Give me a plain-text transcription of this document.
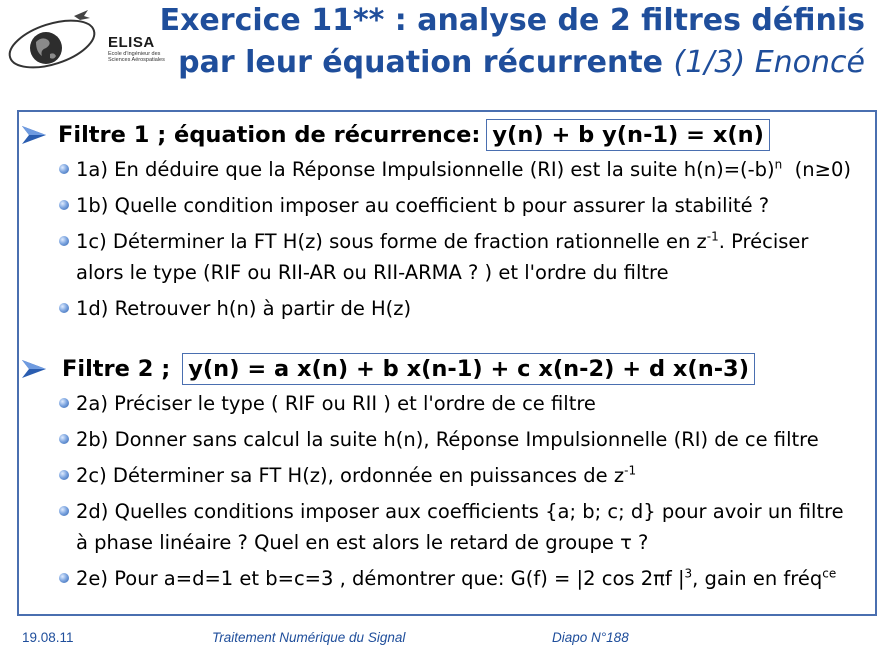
ELISA
Ecole d'ingénieur des Sciences Aérospatiales
Exercice 11** : analyse de 2 filtres définis
par leur équation récurrente (1/3) Enoncé
Filtre 1 ; équation de récurrence: y(n) + b y(n-1) = x(n)
1a) En déduire que la Réponse Impulsionnelle (RI) est la suite $h(n)=(-b)^n$  (n≥0)
1b) Quelle condition imposer au coefficient b pour assurer la stabilité ?
1c) Déterminer la FT H(z) sous forme de fraction rationnelle en $z^{-1}$. Préciser
alors le type (RIF ou RII-AR ou RII-ARMA ? ) et l'ordre du filtre
1d) Retrouver h(n) à partir de H(z)
Filtre 2 ; y(n) = a x(n) + b x(n-1) + c x(n-2) + d x(n-3)
2a) Préciser le type ( RIF ou RII ) et l'ordre de ce filtre
2b) Donner sans calcul la suite h(n), Réponse Impulsionnelle (RI) de ce filtre
2c) Déterminer sa FT H(z), ordonnée en puissances de $z^{-1}$
2d) Quelles conditions imposer aux coefficients {a; b; c; d} pour avoir un filtre
à phase linéaire ? Quel en est alors le retard de groupe τ ?
2e) Pour a=d=1 et b=c=3 , démontrer que: G(f) = |2 cos 2πf $|^3$, gain en fréq$^{ce}$
19.08.11	Traitement Numérique du Signal	Diapo N°188
